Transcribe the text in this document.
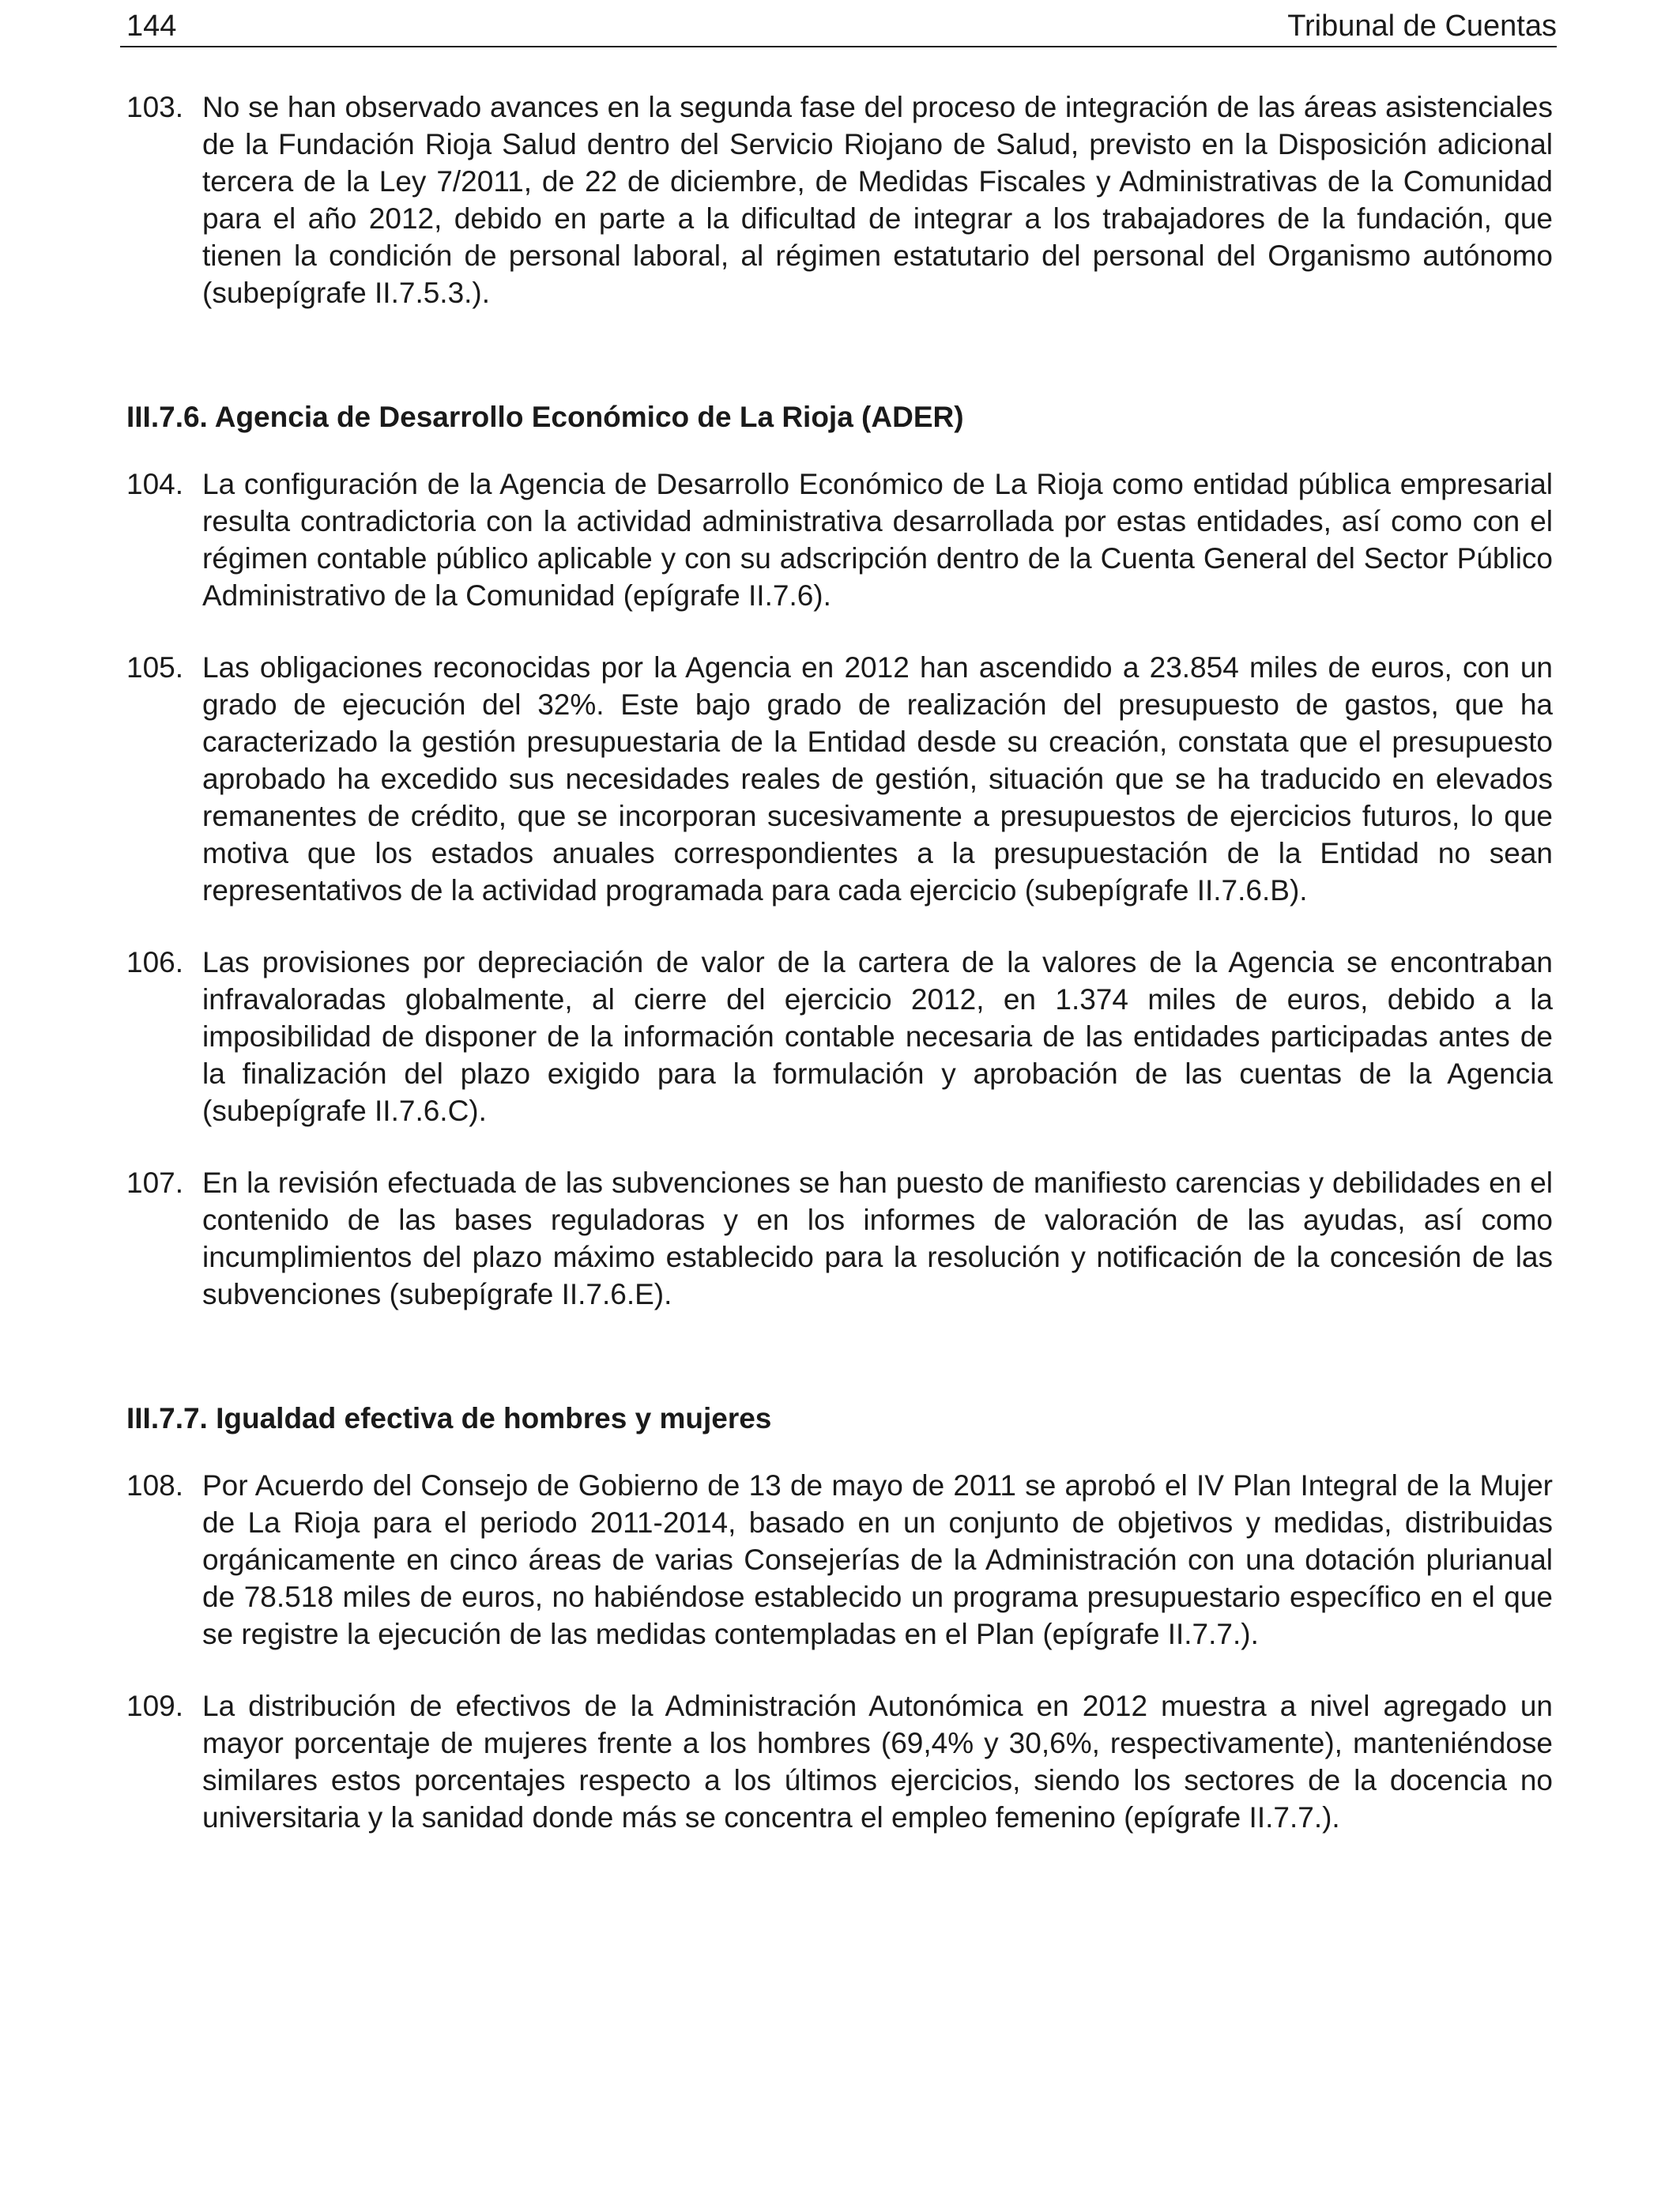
144	Tribunal de Cuentas
103. No se han observado avances en la segunda fase del proceso de integración de las áreas asistenciales de la Fundación Rioja Salud dentro del Servicio Riojano de Salud, previsto en la Disposición adicional tercera de la Ley 7/2011, de 22 de diciembre, de Medidas Fiscales y Administrativas de la Comunidad para el año 2012, debido en parte a la dificultad de integrar a los trabajadores de la fundación, que tienen la condición de personal laboral, al régimen estatutario del personal del Organismo autónomo (subepígrafe II.7.5.3.).
III.7.6. Agencia de Desarrollo Económico de La Rioja (ADER)
104. La configuración de la Agencia de Desarrollo Económico de La Rioja como entidad pública empresarial resulta contradictoria con la actividad administrativa desarrollada por estas entidades, así como con el régimen contable público aplicable y con su adscripción dentro de la Cuenta General del Sector Público Administrativo de la Comunidad (epígrafe II.7.6).
105. Las obligaciones reconocidas por la Agencia en 2012 han ascendido a 23.854 miles de euros, con un grado de ejecución del 32%. Este bajo grado de realización del presupuesto de gastos, que ha caracterizado la gestión presupuestaria de la Entidad desde su creación, constata que el presupuesto aprobado ha excedido sus necesidades reales de gestión, situación que se ha traducido en elevados remanentes de crédito, que se incorporan sucesivamente a presupuestos de ejercicios futuros, lo que motiva que los estados anuales correspondientes a la presupuestación de la Entidad no sean representativos de la actividad programada para cada ejercicio (subepígrafe II.7.6.B).
106. Las provisiones por depreciación de valor de la cartera de la valores de la Agencia se encontraban infravaloradas globalmente, al cierre del ejercicio 2012, en 1.374 miles de euros, debido a la imposibilidad de disponer de la información contable necesaria de las entidades participadas antes de la finalización del plazo exigido para la formulación y aprobación de las cuentas de la Agencia (subepígrafe II.7.6.C).
107. En la revisión efectuada de las subvenciones se han puesto de manifiesto carencias y debilidades en el contenido de las bases reguladoras y en los informes de valoración de las ayudas, así como incumplimientos del plazo máximo establecido para la resolución y notificación de la concesión de las subvenciones (subepígrafe II.7.6.E).
III.7.7. Igualdad efectiva de hombres y mujeres
108. Por Acuerdo del Consejo de Gobierno de 13 de mayo de 2011 se aprobó el IV Plan Integral de la Mujer de La Rioja para el periodo 2011-2014, basado en un conjunto de objetivos y medidas, distribuidas orgánicamente en cinco áreas de varias Consejerías de la Administración con una dotación plurianual de 78.518 miles de euros, no habiéndose establecido un programa presupuestario específico en el que se registre la ejecución de las medidas contempladas en el Plan (epígrafe II.7.7.).
109. La distribución de efectivos de la Administración Autonómica en 2012 muestra a nivel agregado un mayor porcentaje de mujeres frente a los hombres (69,4% y 30,6%, respectivamente), manteniéndose similares estos porcentajes respecto a los últimos ejercicios, siendo los sectores de la docencia no universitaria y la sanidad donde más se concentra el empleo femenino (epígrafe II.7.7.).
